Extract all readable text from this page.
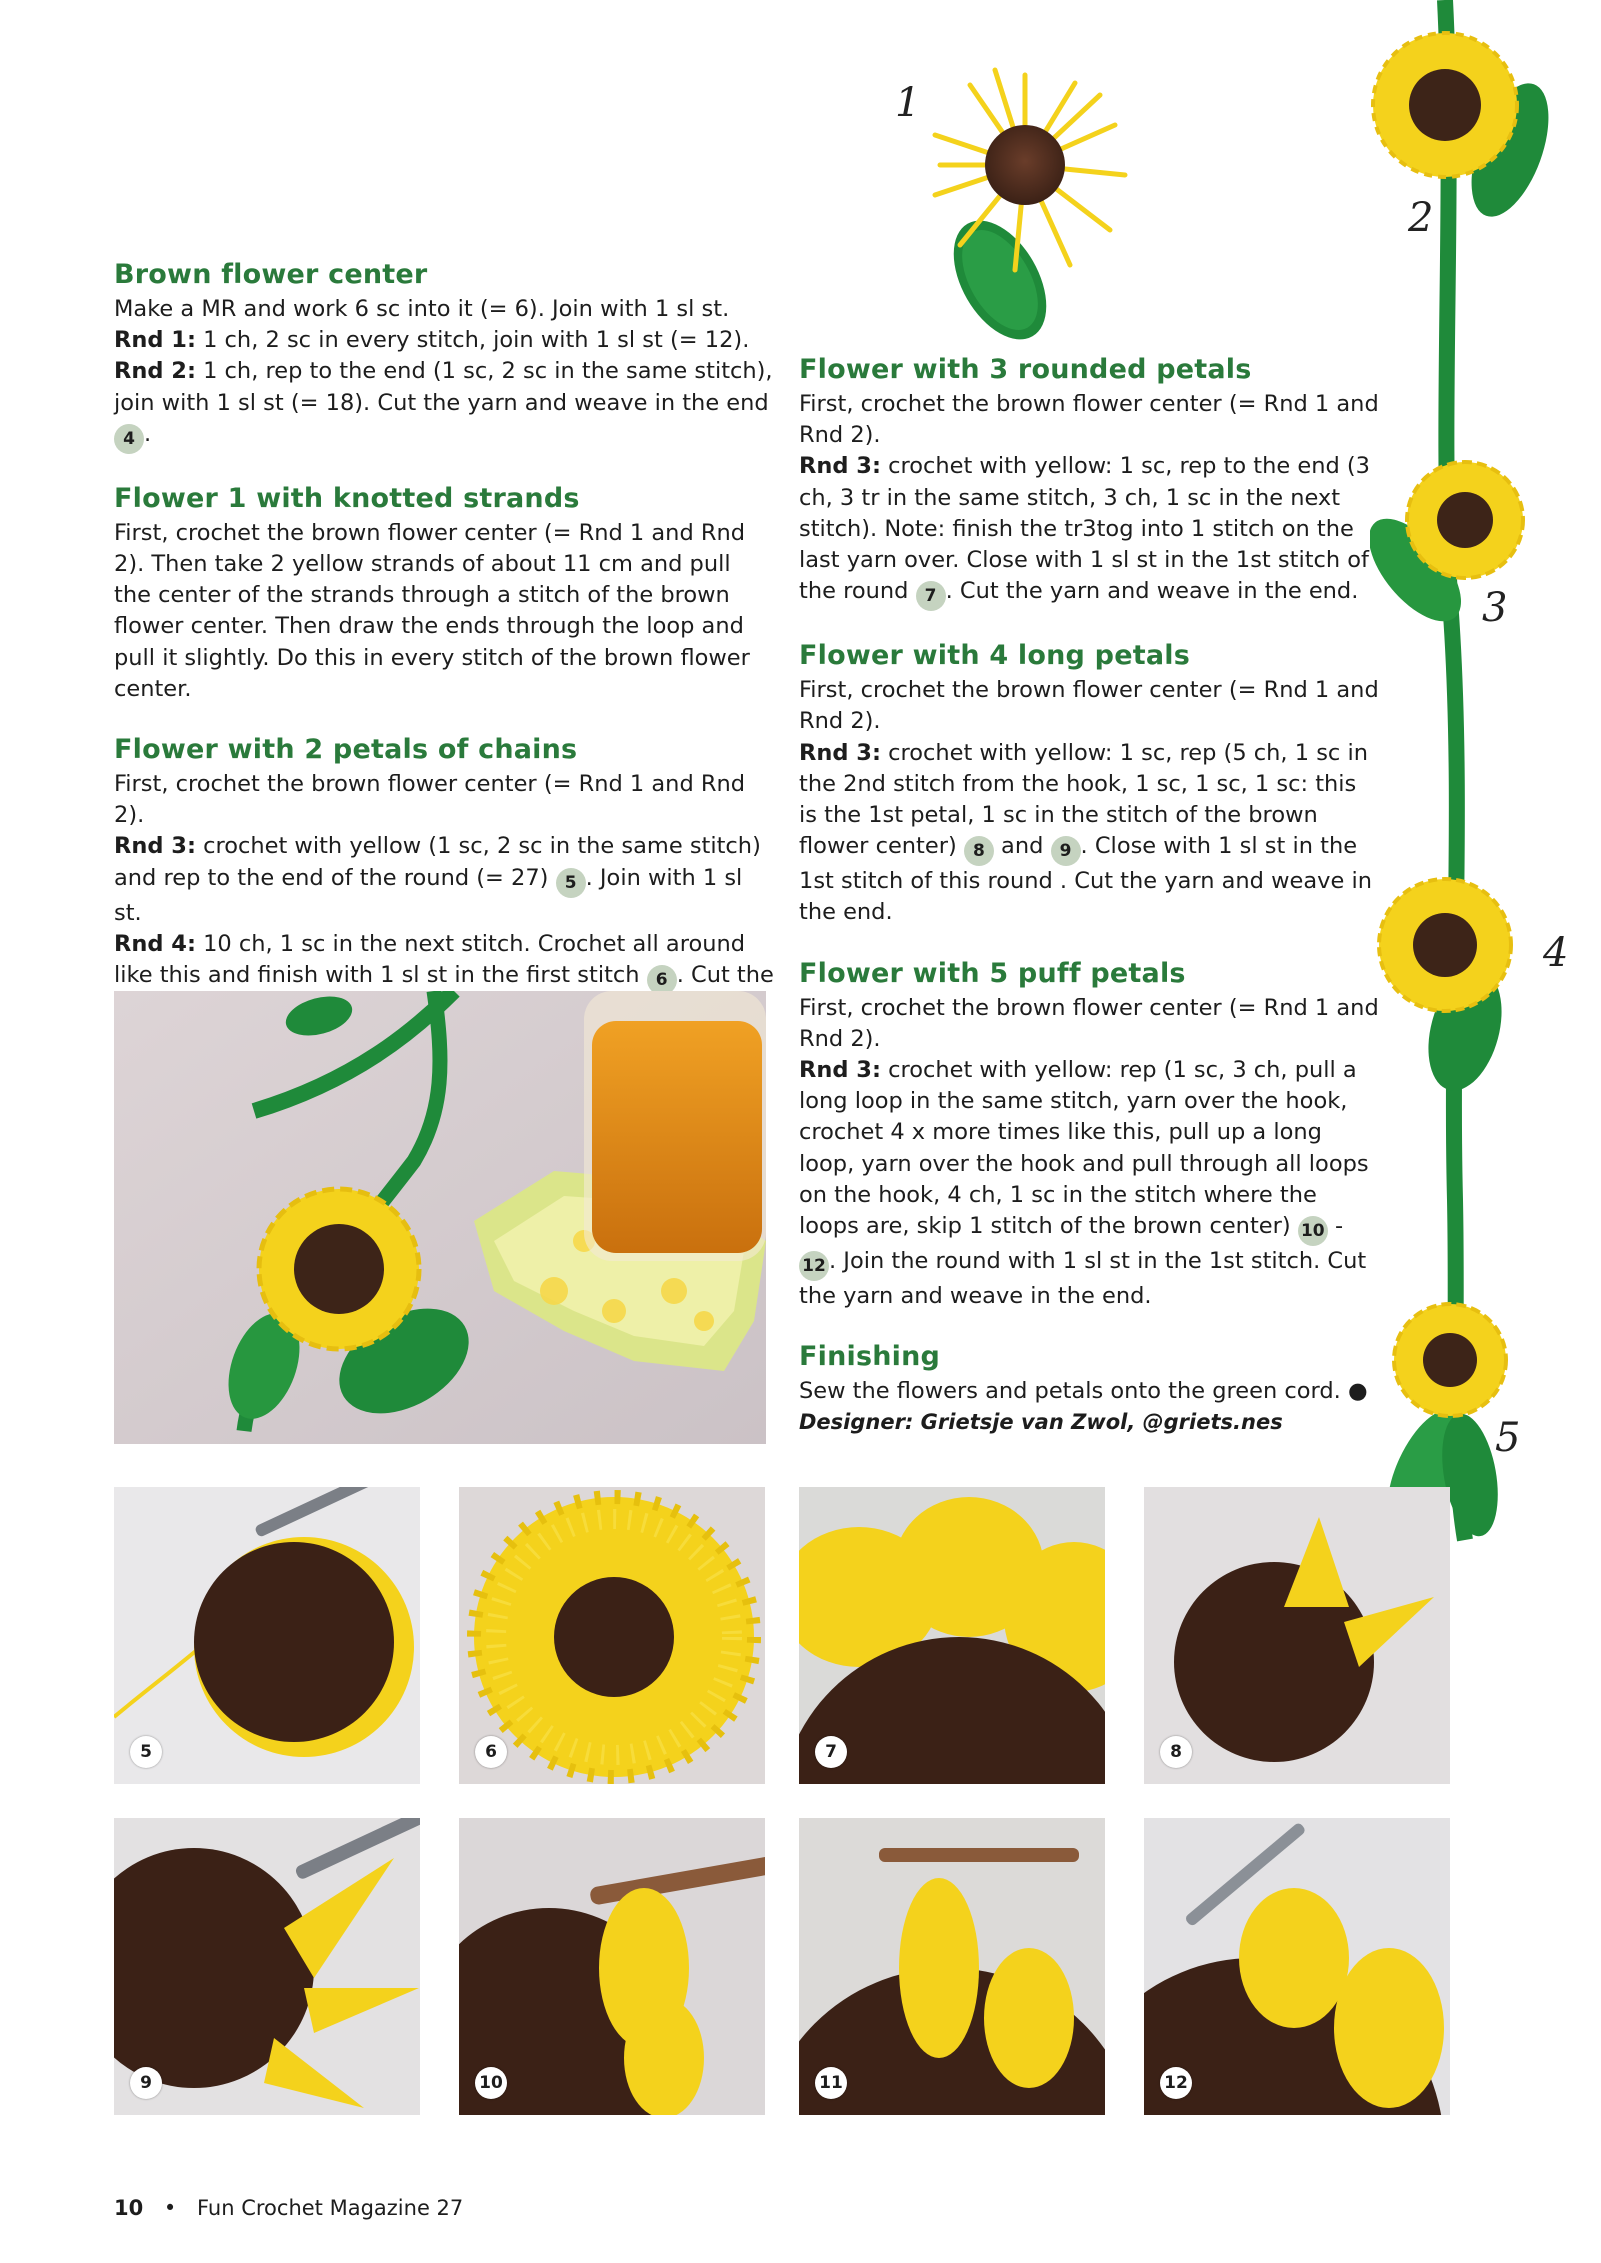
Brown flower center

Make a MR and work 6 sc into it (= 6). Join with 1 sl st.
Rnd 1: 1 ch, 2 sc in every stitch, join with 1 sl st (= 12).
Rnd 2: 1 ch, rep to the end (1 sc, 2 sc in the same stitch), join with 1 sl st (= 18). Cut the yarn and weave in the end 4 .

Flower 1 with knotted strands

First, crochet the brown flower center (= Rnd 1 and Rnd 2). Then take 2 yellow strands of about 11 cm and pull the center of the strands through a stitch of the brown flower center. Then draw the ends through the loop and pull it slightly. Do this in every stitch of the brown flower center.

Flower with 2 petals of chains

First, crochet the brown flower center (= Rnd 1 and Rnd 2).
Rnd 3: crochet with yellow (1 sc, 2 sc in the same stitch) and rep to the end of the round (= 27) 5 . Join with 1 sl st.
Rnd 4: 10 ch, 1 sc in the next stitch. Crochet all around like this and finish with 1 sl st in the first stitch 6 . Cut the

Flower with 3 rounded petals

First, crochet the brown flower center (= Rnd 1 and Rnd 2).
Rnd 3: crochet with yellow: 1 sc, rep to the end (3 ch, 3 tr in the same stitch, 3 ch, 1 sc in the next stitch). Note: finish the tr3tog into 1 stitch on the last yarn over. Close with 1 sl st in the 1st stitch of the round 7 . Cut the yarn and weave in the end.

Flower with 4 long petals

First, crochet the brown flower center (= Rnd 1 and Rnd 2).
Rnd 3: crochet with yellow: 1 sc, rep (5 ch, 1 sc in the 2nd stitch from the hook, 1 sc, 1 sc, 1 sc: this is the 1st petal, 1 sc in the stitch of the brown flower center) 8 and 9 . Close with 1 sl st in the 1st stitch of this round . Cut the yarn and weave in the end.

Flower with 5 puff petals

First, crochet the brown flower center (= Rnd 1 and Rnd 2).
Rnd 3: crochet with yellow: rep (1 sc, 3 ch, pull a long loop in the same stitch, yarn over the hook, crochet 4 x more times like this, pull up a long loop, yarn over the hook and pull through all loops on the hook, 4 ch, 1 sc in the stitch where the loops are, skip 1 stitch of the brown center) 10 - 12 . Join the round with 1 sl st in the 1st stitch. Cut the yarn and weave in the end.

Finishing

Sew the flowers and petals onto the green cord. ●

Designer: Grietsje van Zwol, @griets.nes

1
2
3
4
5
5	6	7	8
9	10	11	12
10 • Fun Crochet Magazine 27
